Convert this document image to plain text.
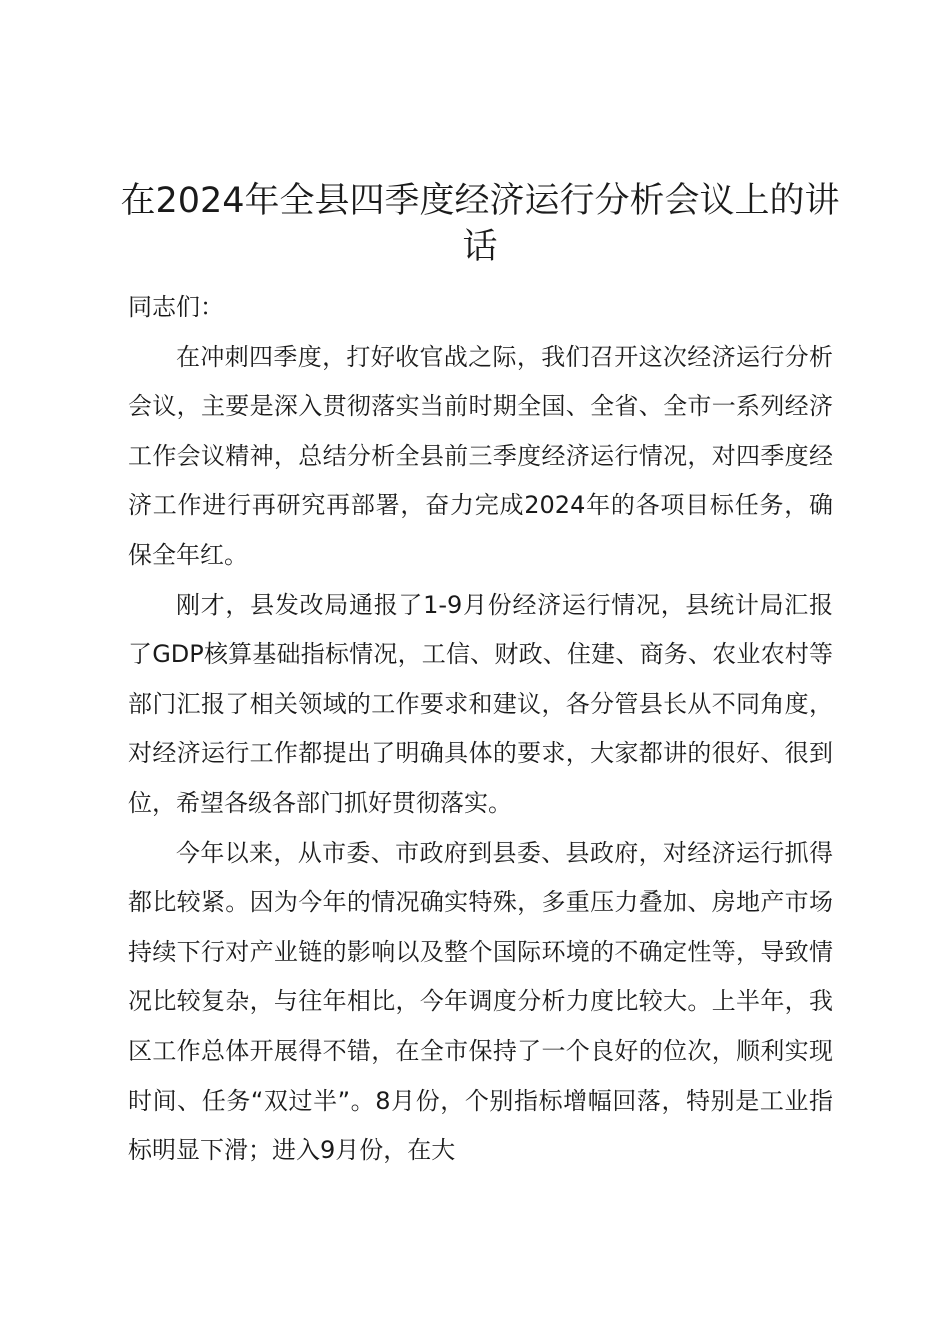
在2024年全县四季度经济运行分析会议上的讲话

同志们：

在冲刺四季度，打好收官战之际，我们召开这次经济运行分析会议，主要是深入贯彻落实当前时期全国、全省、全市一系列经济工作会议精神，总结分析全县前三季度经济运行情况，对四季度经济工作进行再研究再部署，奋力完成2024年的各项目标任务，确保全年红。

刚才，县发改局通报了1-9月份经济运行情况，县统计局汇报了GDP核算基础指标情况，工信、财政、住建、商务、农业农村等部门汇报了相关领域的工作要求和建议，各分管县长从不同角度，对经济运行工作都提出了明确具体的要求，大家都讲的很好、很到位，希望各级各部门抓好贯彻落实。

今年以来，从市委、市政府到县委、县政府，对经济运行抓得都比较紧。因为今年的情况确实特殊，多重压力叠加、房地产市场持续下行对产业链的影响以及整个国际环境的不确定性等，导致情况比较复杂，与往年相比，今年调度分析力度比较大。上半年，我区工作总体开展得不错，在全市保持了一个良好的位次，顺利实现时间、任务“双过半”。8月份，个别指标增幅回落，特别是工业指标明显下滑；进入9月份，在大
